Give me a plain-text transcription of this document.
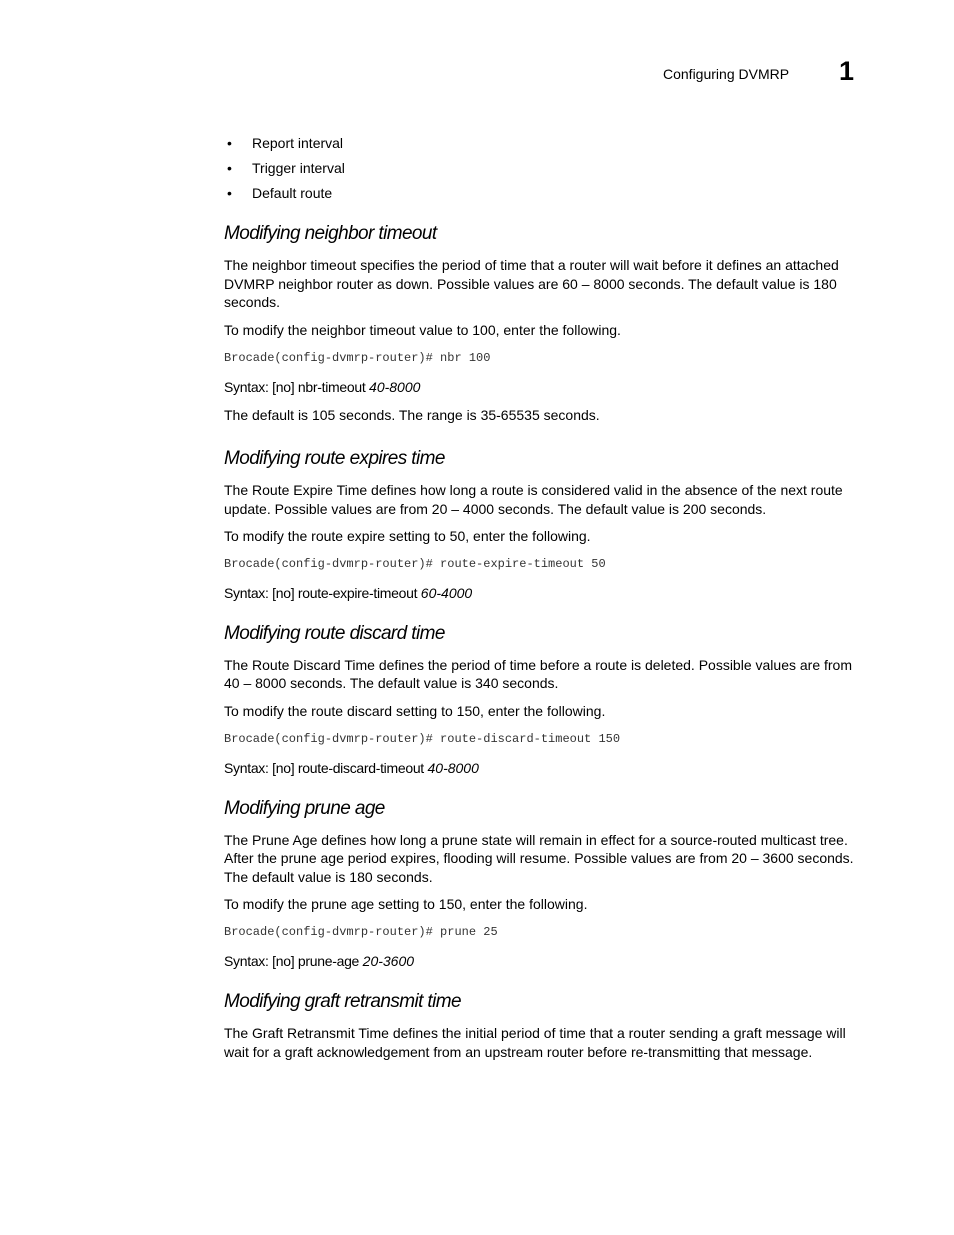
Configuring DVMRP 1
• Report interval
• Trigger interval
• Default route
Modifying neighbor timeout

The neighbor timeout specifies the period of time that a router will wait before it defines an attached DVMRP neighbor router as down. Possible values are 60 – 8000 seconds. The default value is 180 seconds.

To modify the neighbor timeout value to 100, enter the following.

Brocade(config-dvmrp-router)# nbr 100
Syntax: [no] nbr-timeout 40-8000

The default is 105 seconds. The range is 35-65535 seconds.

Modifying route expires time

The Route Expire Time defines how long a route is considered valid in the absence of the next route update. Possible values are from 20 – 4000 seconds. The default value is 200 seconds.

To modify the route expire setting to 50, enter the following.

Brocade(config-dvmrp-router)# route-expire-timeout 50
Syntax: [no] route-expire-timeout 60-4000
Modifying route discard time

The Route Discard Time defines the period of time before a route is deleted. Possible values are from 40 – 8000 seconds. The default value is 340 seconds.

To modify the route discard setting to 150, enter the following.

Brocade(config-dvmrp-router)# route-discard-timeout 150
Syntax: [no] route-discard-timeout 40-8000
Modifying prune age

The Prune Age defines how long a prune state will remain in effect for a source-routed multicast tree. After the prune age period expires, flooding will resume. Possible values are from 20 – 3600 seconds. The default value is 180 seconds.

To modify the prune age setting to 150, enter the following.

Brocade(config-dvmrp-router)# prune 25
Syntax: [no] prune-age 20-3600
Modifying graft retransmit time

The Graft Retransmit Time defines the initial period of time that a router sending a graft message will wait for a graft acknowledgement from an upstream router before re-transmitting that message.
